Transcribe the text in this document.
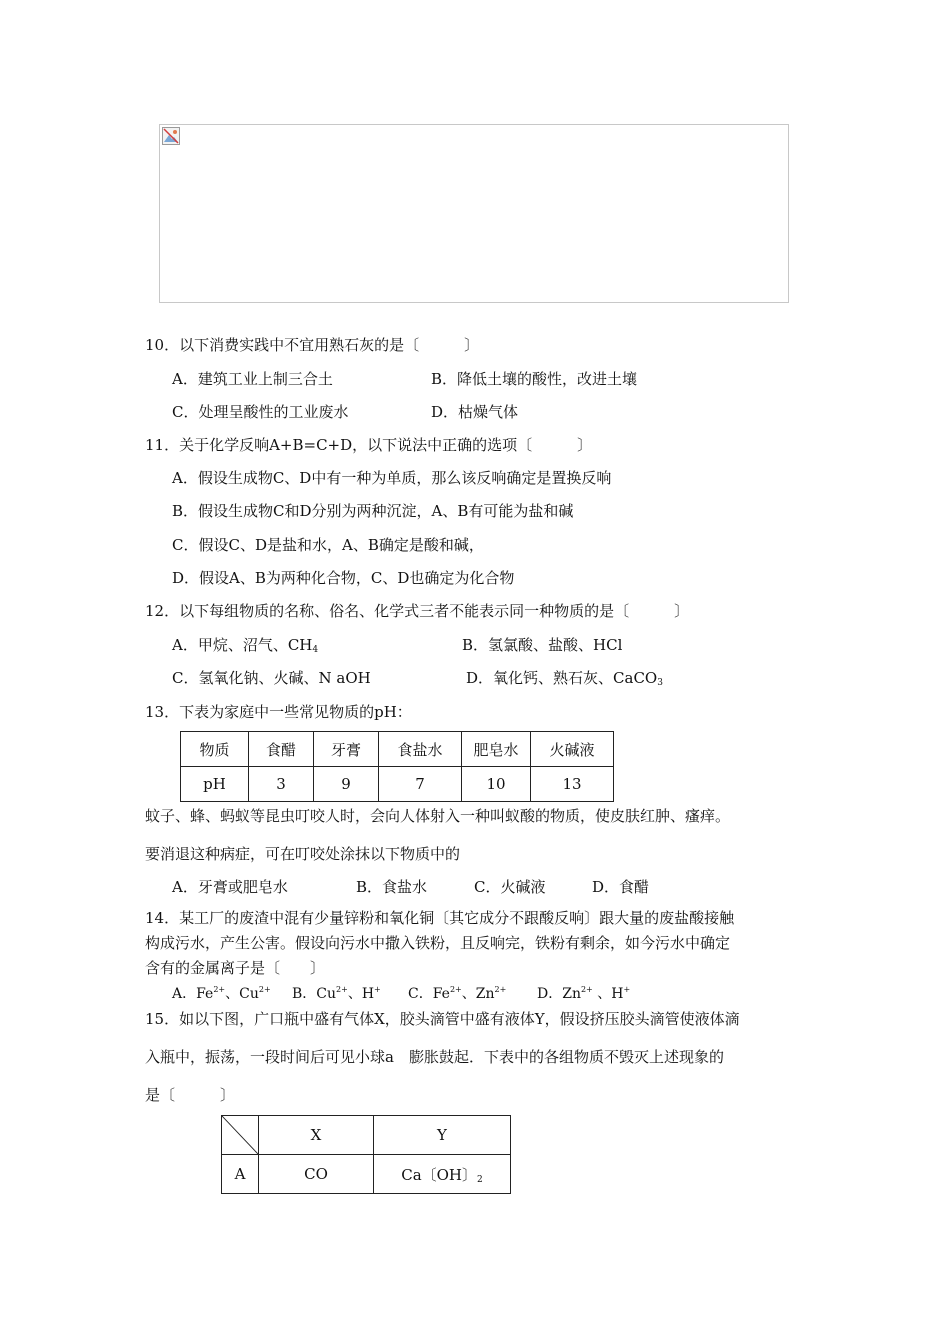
10．以下消费实践中不宜用熟石灰的是〔　　　〕
A．建筑工业上制三合土	B．降低土壤的酸性，改进土壤
C．处理呈酸性的工业废水	D．枯燥气体
11．关于化学反响A+B=C+D，以下说法中正确的选项〔　　　〕
A．假设生成物C、D中有一种为单质，那么该反响确定是置换反响
B．假设生成物C和D分别为两种沉淀，A、B有可能为盐和碱
C．假设C、D是盐和水，A、B确定是酸和碱，
D．假设A、B为两种化合物，C、D也确定为化合物
12．以下每组物质的名称、俗名、化学式三者不能表示同一种物质的是〔　　　〕
A．甲烷、沼气、$CH_4$	B．氢氯酸、盐酸、HCl
C．氢氧化钠、火碱、N aOH	D．氧化钙、熟石灰、CaCO$_3$
13．下表为家庭中一些常见物质的pH：
物质	食醋	牙膏	食盐水	肥皂水	火碱液
pH	3	9	7	10	13
蚊子、蜂、蚂蚁等昆虫叮咬人时，会向人体射入一种叫蚁酸的物质，使皮肤红肿、瘙痒。
要消退这种病症，可在叮咬处涂抹以下物质中的
A．牙膏或肥皂水	B．食盐水	C．火碱液	D．食醋
14．某工厂的废渣中混有少量锌粉和氧化铜〔其它成分不跟酸反响〕跟大量的废盐酸接触
构成污水，产生公害。假设向污水中撒入铁粉，且反响完，铁粉有剩余，如今污水中确定
含有的金属离子是〔　　〕
A．$Fe^{2+}$、$Cu^{2+}$ B．$Cu^{2+}$、H+ C．$Fe^{2+}$、$Zn^{2+}$ D．$Zn^{2+}$ 、H+
15．如以下图，广口瓶中盛有气体X，胶头滴管中盛有液体Y，假设挤压胶头滴管使液体滴
入瓶中，振荡，一段时间后可见小球a　膨胀鼓起．下表中的各组物质不毁灭上述现象的
是〔　　　〕
	X	Y
A	CO	Ca〔OH〕$_2$
